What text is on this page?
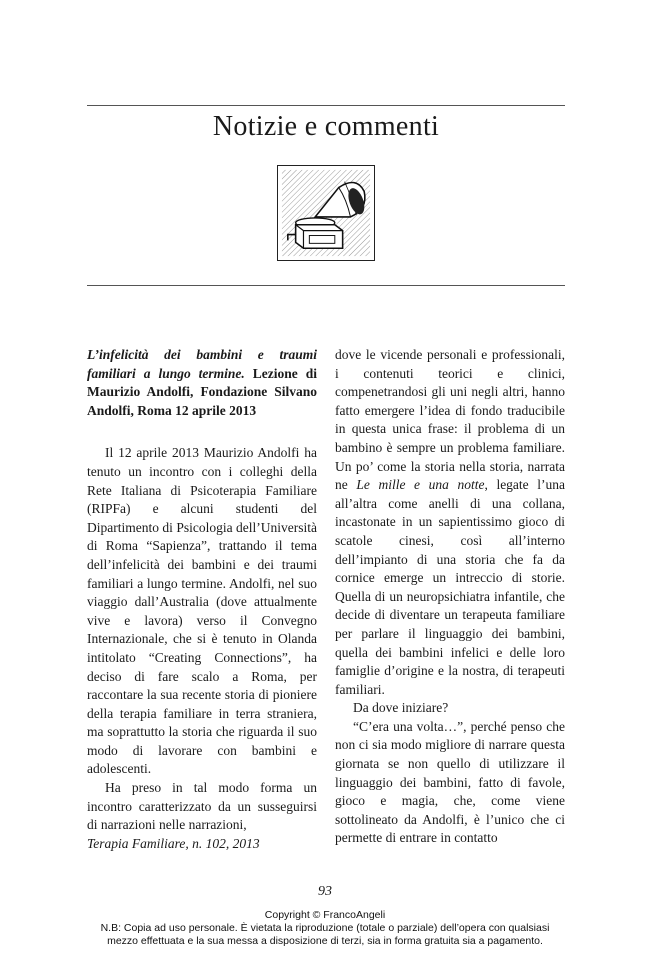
Notizie e commenti

L’infelicità dei bambini e traumi familiari a lungo termine. Lezione di Maurizio Andolfi, Fondazione Silvano Andolfi, Roma 12 aprile 2013

Il 12 aprile 2013 Maurizio Andolfi ha tenuto un incontro con i colleghi della Rete Italiana di Psicoterapia Familiare (RIPFa) e alcuni studenti del Dipartimento di Psicologia dell’Università di Roma “Sapienza”, trattando il tema dell’infelicità dei bambini e dei traumi familiari a lungo termine. Andolfi, nel suo viaggio dall’Australia (dove attualmente vive e lavora) verso il Convegno Internazionale, che si è tenuto in Olanda intitolato “Creating Connections”, ha deciso di fare scalo a Roma, per raccontare la sua recente storia di pioniere della terapia familiare in terra straniera, ma soprattutto la storia che riguarda il suo modo di lavorare con bambini e adolescenti.

Ha preso in tal modo forma un incontro caratterizzato da un susseguirsi di narrazioni nelle narrazioni,

dove le vicende personali e professionali, i contenuti teorici e clinici, compenetrandosi gli uni negli altri, hanno fatto emergere l’idea di fondo traducibile in questa unica frase: il problema di un bambino è sempre un problema familiare. Un po’ come la storia nella storia, narrata ne Le mille e una notte, legate l’una all’altra come anelli di una collana, incastonate in un sapientissimo gioco di scatole cinesi, così all’interno dell’impianto di una storia che fa da cornice emerge un intreccio di storie. Quella di un neuropsichiatra infantile, che decide di diventare un terapeuta familiare per parlare il linguaggio dei bambini, quella dei bambini infelici e delle loro famiglie d’origine e la nostra, di terapeuti familiari.

Da dove iniziare?

“C’era una volta…”, perché penso che non ci sia modo migliore di narrare questa giornata se non quello di utilizzare il linguaggio dei bambini, fatto di favole, gioco e magia, che, come viene sottolineato da Andolfi, è l’unico che ci permette di entrare in contatto

Terapia Familiare, n. 102, 2013
93
Copyright © FrancoAngeli
N.B: Copia ad uso personale. È vietata la riproduzione (totale o parziale) dell’opera con qualsiasi
mezzo effettuata e la sua messa a disposizione di terzi, sia in forma gratuita sia a pagamento.
